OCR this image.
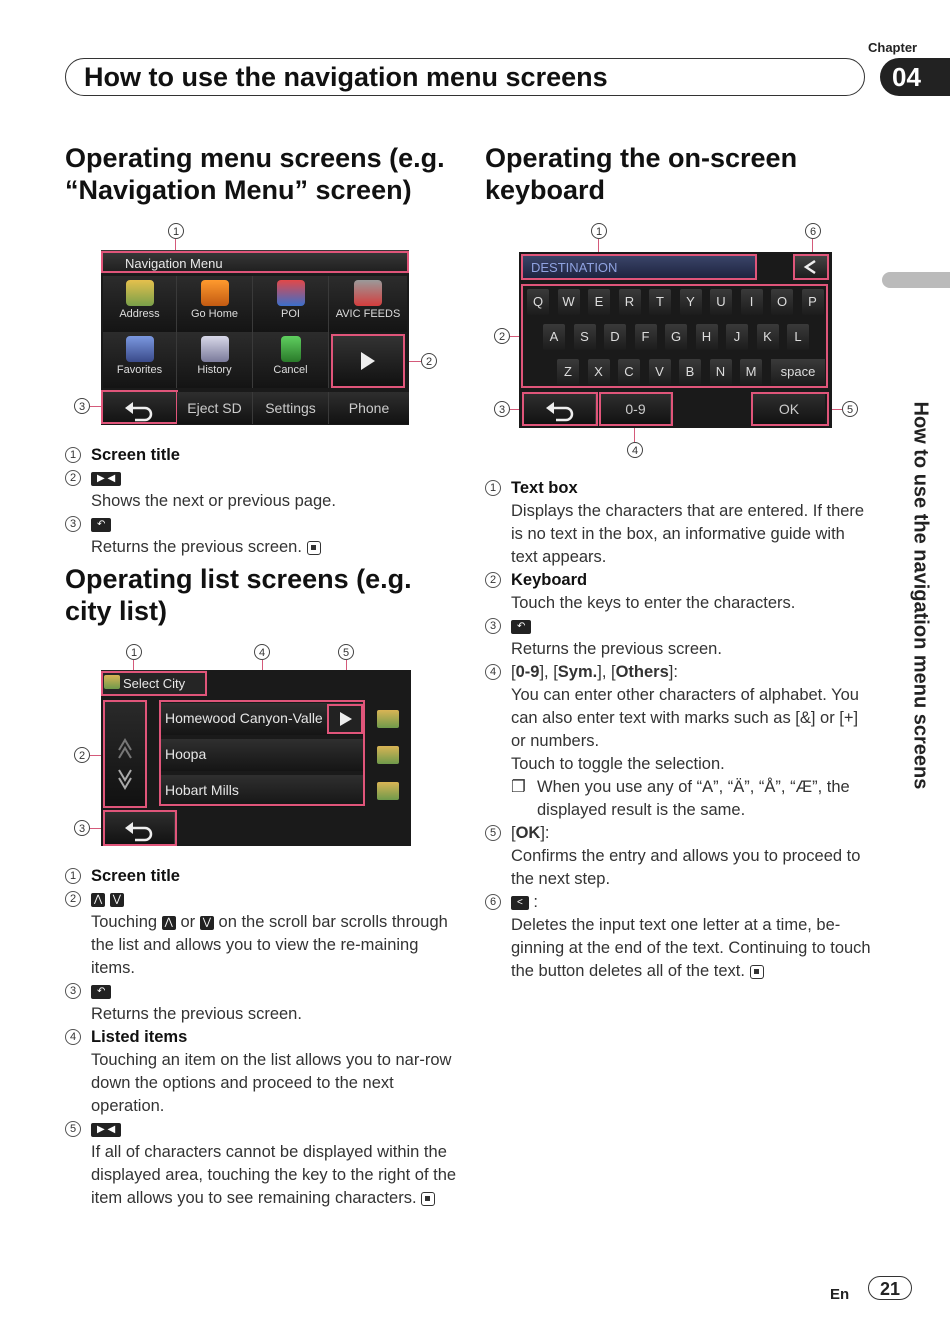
Chapter
How to use the navigation menu screens	04
How to use the navigation menu screens
Operating menu screens (e.g. “Navigation Menu” screen)
1
2
3
Navigation Menu
Address	Go Home	POI	AVIC FEEDS
Favorites	History	Cancel
Eject SD	Settings	Phone
1 Screen title
2	▶ ◀
Shows the next or previous page.
3	↶
Returns the previous screen.
Operating list screens (e.g. city list)
1	4	5
2
3
Select City
Homewood Canyon-Valle
Hoopa
Hobart Mills
1 Screen title
2	⋀ ⋁
Touching ⋀ or ⋁ on the scroll bar scrolls through the list and allows you to view the re-maining items.
3	↶
Returns the previous screen.
4 Listed items
Touching an item on the list allows you to nar-row down the options and proceed to the next operation.
5	▶ ◀
If all of characters cannot be displayed within the displayed area, touching the key to the right of the item allows you to see remaining characters.
Operating the on-screen keyboard
1	6
2
3	5
4
DESTINATION
Q	W	E	R	T	Y	U	I	O	P
A	S	D	F	G	H	J	K	L
Z	X	C	V	B	N	M	space
0-9	OK
1 Text box
Displays the characters that are entered. If there is no text in the box, an informative guide with text appears.
2 Keyboard
Touch the keys to enter the characters.
3	↶
Returns the previous screen.
4 [0-9], [Sym.], [Others]:
You can enter other characters of alphabet. You can also enter text with marks such as [&] or [+] or numbers.
Touch to toggle the selection.
❐ When you use any of “A”, “Ä”, “Å”, “Æ”, the displayed result is the same.
5 [OK]:
Confirms the entry and allows you to proceed to the next step.
6	< :
Deletes the input text one letter at a time, be-ginning at the end of the text. Continuing to touch the button deletes all of the text.
En	21
